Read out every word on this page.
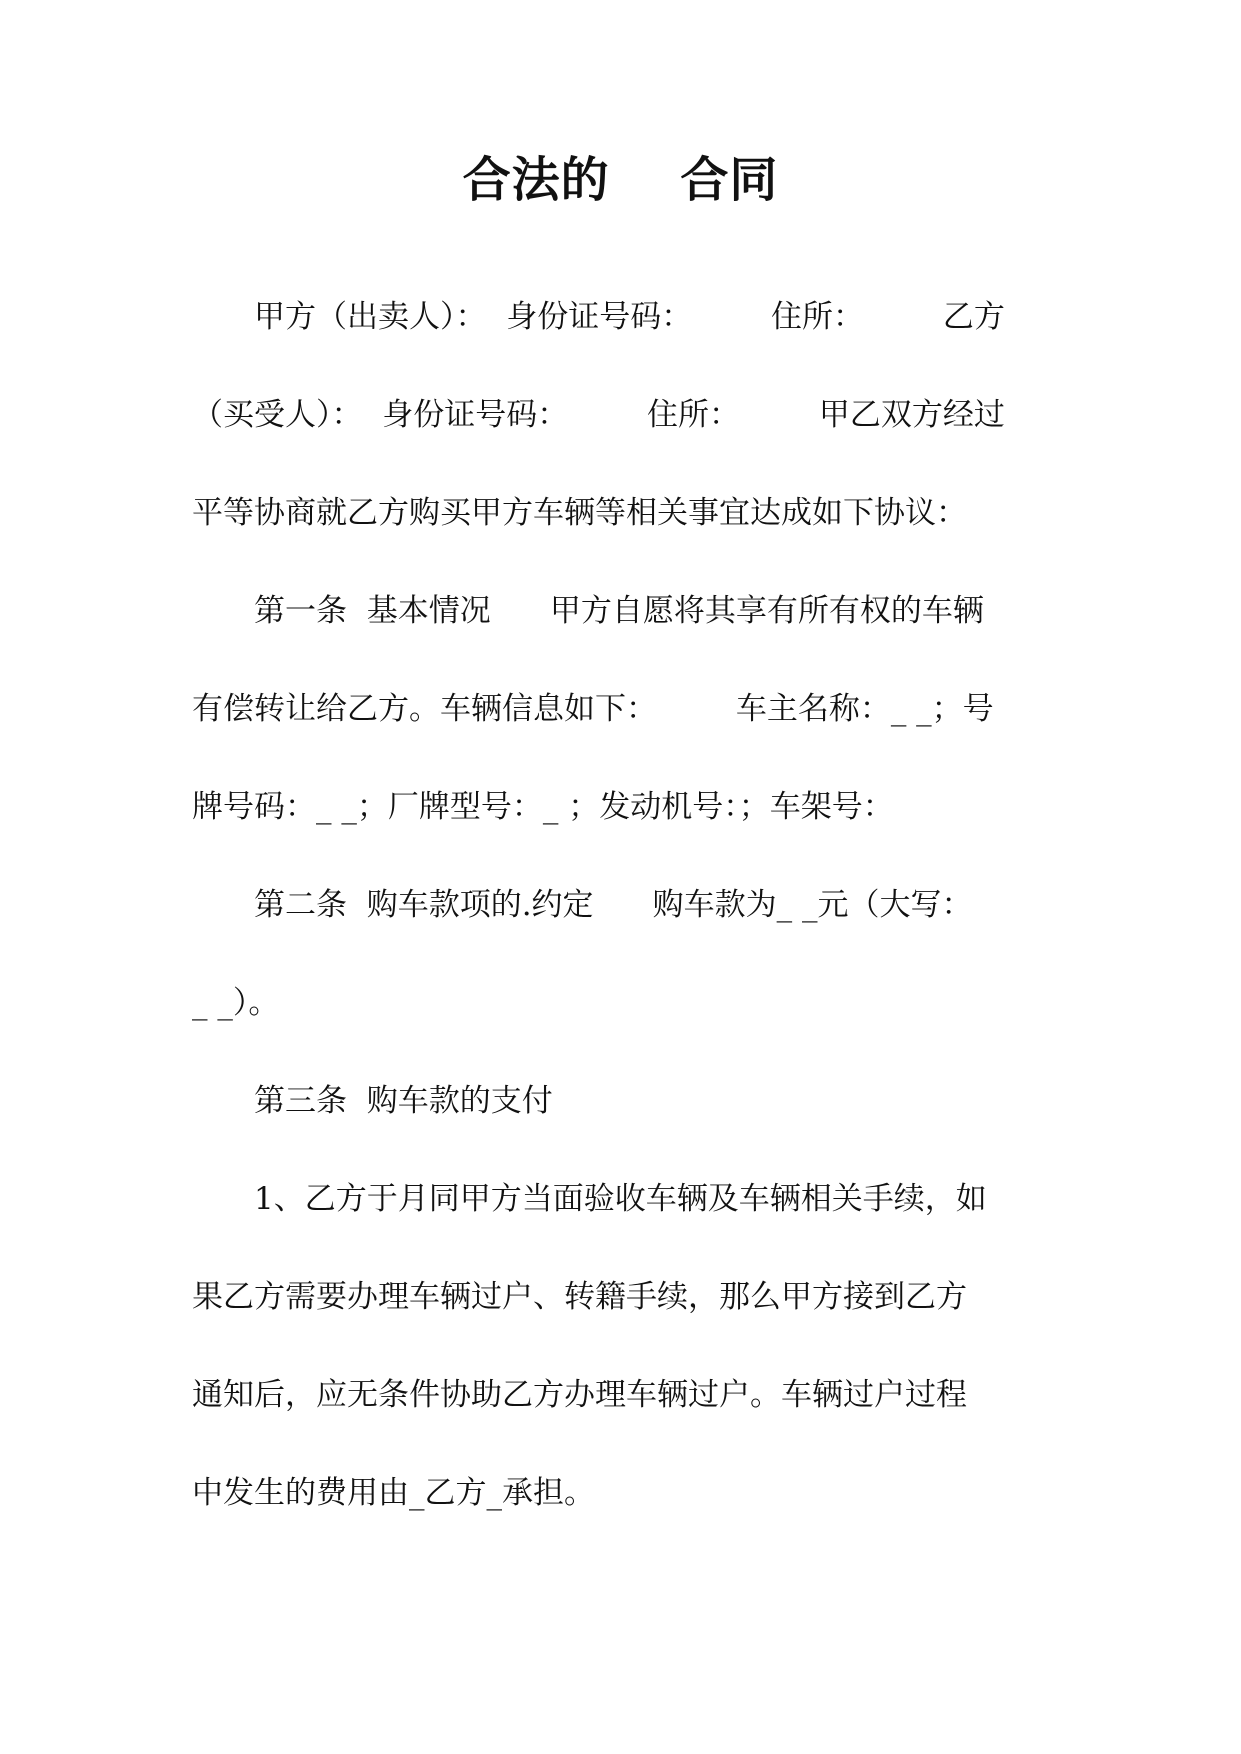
合法的    合同
甲方（出卖人）：  身份证号码：        住所：        乙方
（买受人）：  身份证号码：        住所：        甲乙双方经过
平等协商就乙方购买甲方车辆等相关事宜达成如下协议：
第一条  基本情况      甲方自愿将其享有所有权的车辆
有偿转让给乙方。车辆信息如下：        车主名称：_ _；号
牌号码：_ _；厂牌型号：_ ；发动机号：；车架号：
第二条  购车款项的.约定      购车款为_ _元（大写：
_ _）。
第三条  购车款的支付
1、乙方于月同甲方当面验收车辆及车辆相关手续，如
果乙方需要办理车辆过户、转籍手续，那么甲方接到乙方
通知后，应无条件协助乙方办理车辆过户。车辆过户过程
中发生的费用由_乙方_承担。
